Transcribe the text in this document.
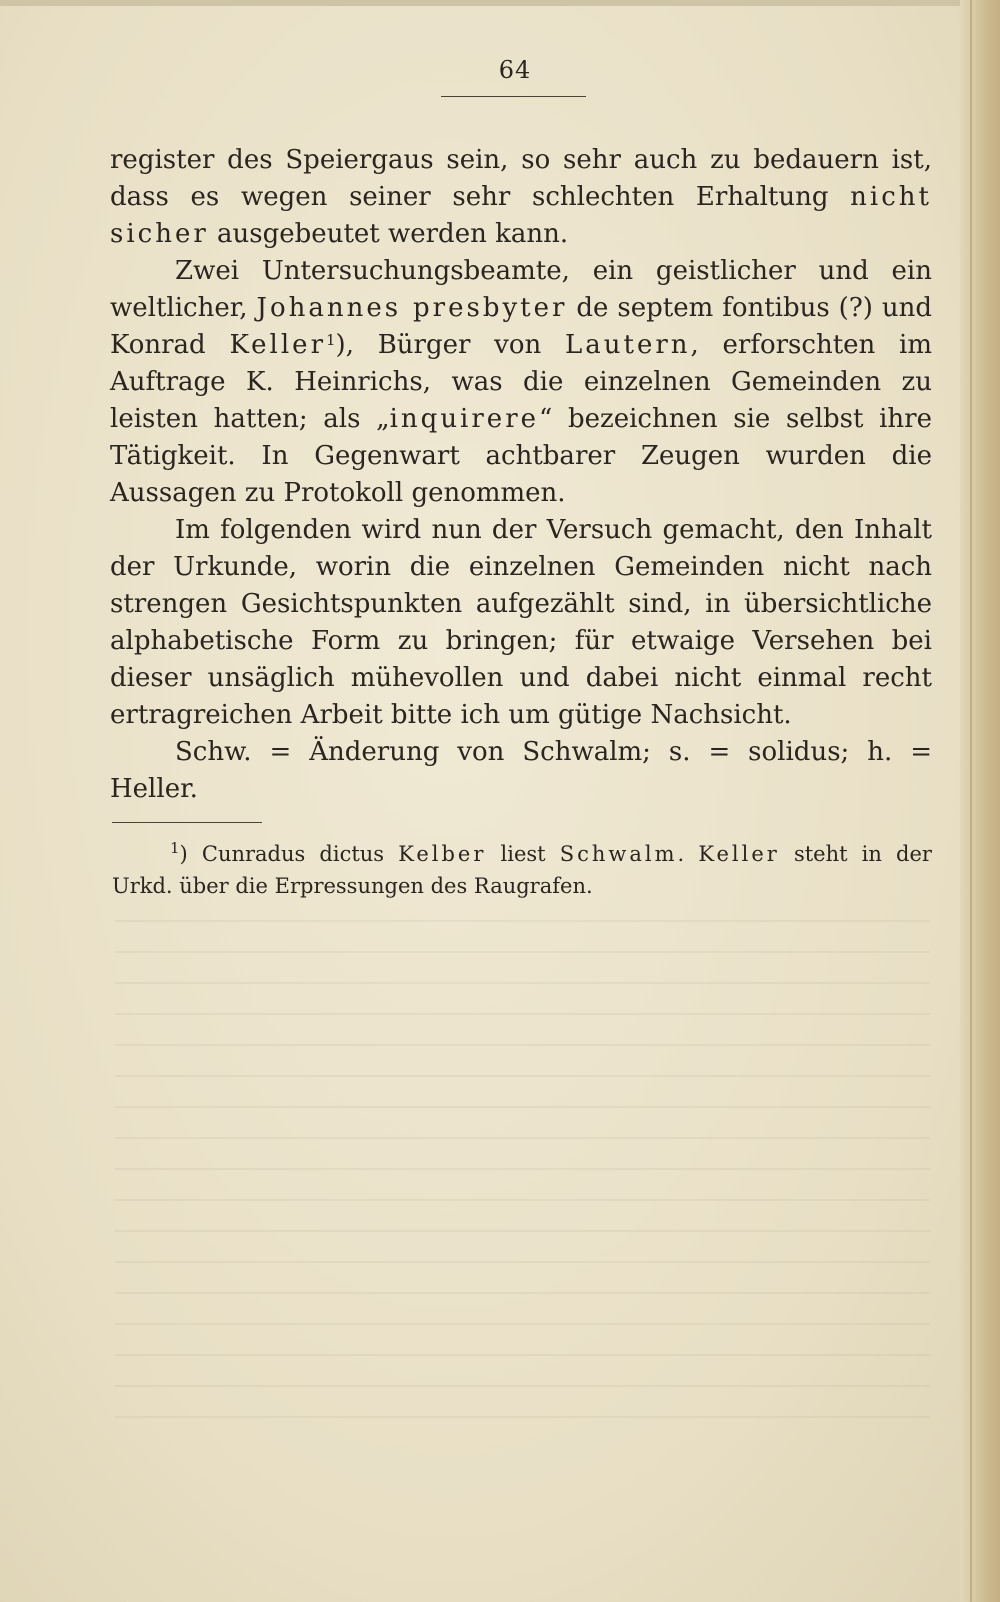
64

register des Speiergaus sein, so sehr auch zu bedauern ist, dass es wegen seiner sehr schlechten Erhaltung nicht sicher ausgebeutet werden kann.

Zwei Untersuchungsbeamte, ein geistlicher und ein weltlicher, Johannes presbyter de septem fontibus (?) und Konrad Keller$^1$), Bürger von Lautern, erforschten im Auftrage K. Heinrichs, was die einzelnen Gemeinden zu leisten hatten; als „inquirere“ bezeichnen sie selbst ihre Tätigkeit. In Gegenwart achtbarer Zeugen wurden die Aussagen zu Protokoll genommen.

Im folgenden wird nun der Versuch gemacht, den Inhalt der Urkunde, worin die einzelnen Gemeinden nicht nach strengen Gesichtspunkten aufgezählt sind, in übersichtliche alphabetische Form zu bringen; für etwaige Versehen bei dieser unsäglich mühevollen und dabei nicht einmal recht ertragreichen Arbeit bitte ich um gütige Nachsicht.

Schw. = Änderung von Schwalm; s. = solidus; h. = Heller.

$^1$) Cunradus dictus Kelber liest Schwalm. Keller steht in der Urkd. über die Erpressungen des Raugrafen.
